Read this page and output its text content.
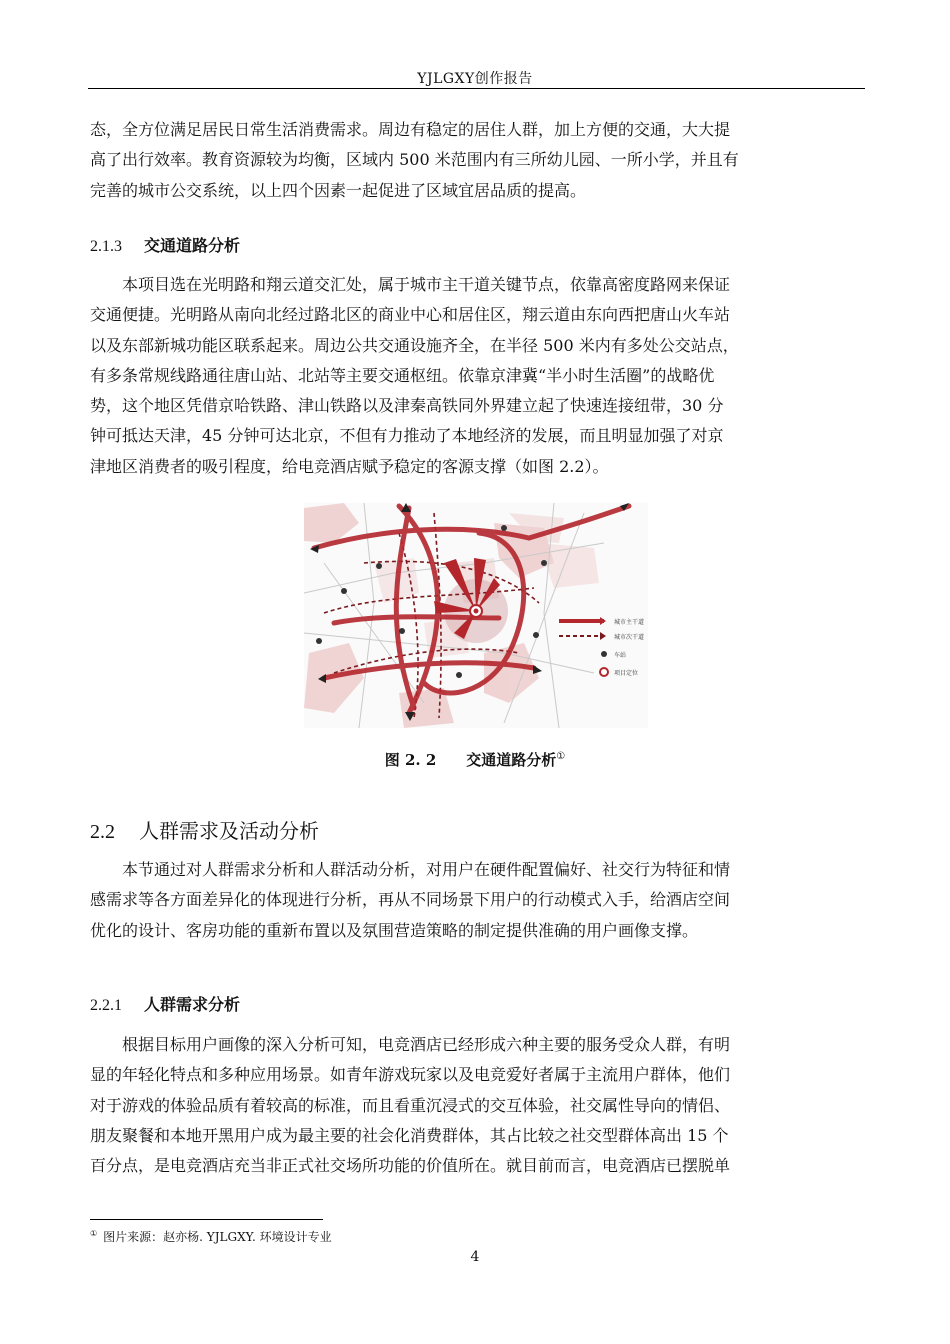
YJLGXY创作报告
态，全方位满足居民日常生活消费需求。周边有稳定的居住人群，加上方便的交通，大大提
高了出行效率。教育资源较为均衡，区域内 500 米范围内有三所幼儿园、一所小学，并且有
完善的城市公交系统，以上四个因素一起促进了区域宜居品质的提高。
2.1.3 交通道路分析
本项目选在光明路和翔云道交汇处，属于城市主干道关键节点，依靠高密度路网来保证
交通便捷。光明路从南向北经过路北区的商业中心和居住区，翔云道由东向西把唐山火车站
以及东部新城功能区联系起来。周边公共交通设施齐全，在半径 500 米内有多处公交站点，
有多条常规线路通往唐山站、北站等主要交通枢纽。依靠京津冀“半小时生活圈”的战略优
势，这个地区凭借京哈铁路、津山铁路以及津秦高铁同外界建立起了快速连接纽带，30 分
钟可抵达天津，45 分钟可达北京，不但有力推动了本地经济的发展，而且明显加强了对京
津地区消费者的吸引程度，给电竞酒店赋予稳定的客源支撑（如图 2.2）。
城市主干道
城市次干道
车站
项目定位
图 2. 2 交通道路分析①
2.2 人群需求及活动分析
本节通过对人群需求分析和人群活动分析，对用户在硬件配置偏好、社交行为特征和情
感需求等各方面差异化的体现进行分析，再从不同场景下用户的行动模式入手，给酒店空间
优化的设计、客房功能的重新布置以及氛围营造策略的制定提供准确的用户画像支撑。
2.2.1 人群需求分析
根据目标用户画像的深入分析可知，电竞酒店已经形成六种主要的服务受众人群，有明
显的年轻化特点和多种应用场景。如青年游戏玩家以及电竞爱好者属于主流用户群体，他们
对于游戏的体验品质有着较高的标准，而且看重沉浸式的交互体验，社交属性导向的情侣、
朋友聚餐和本地开黑用户成为最主要的社会化消费群体，其占比较之社交型群体高出 15 个
百分点，是电竞酒店充当非正式社交场所功能的价值所在。就目前而言，电竞酒店已摆脱单
① 图片来源：赵亦杨. YJLGXY. 环境设计专业
4
